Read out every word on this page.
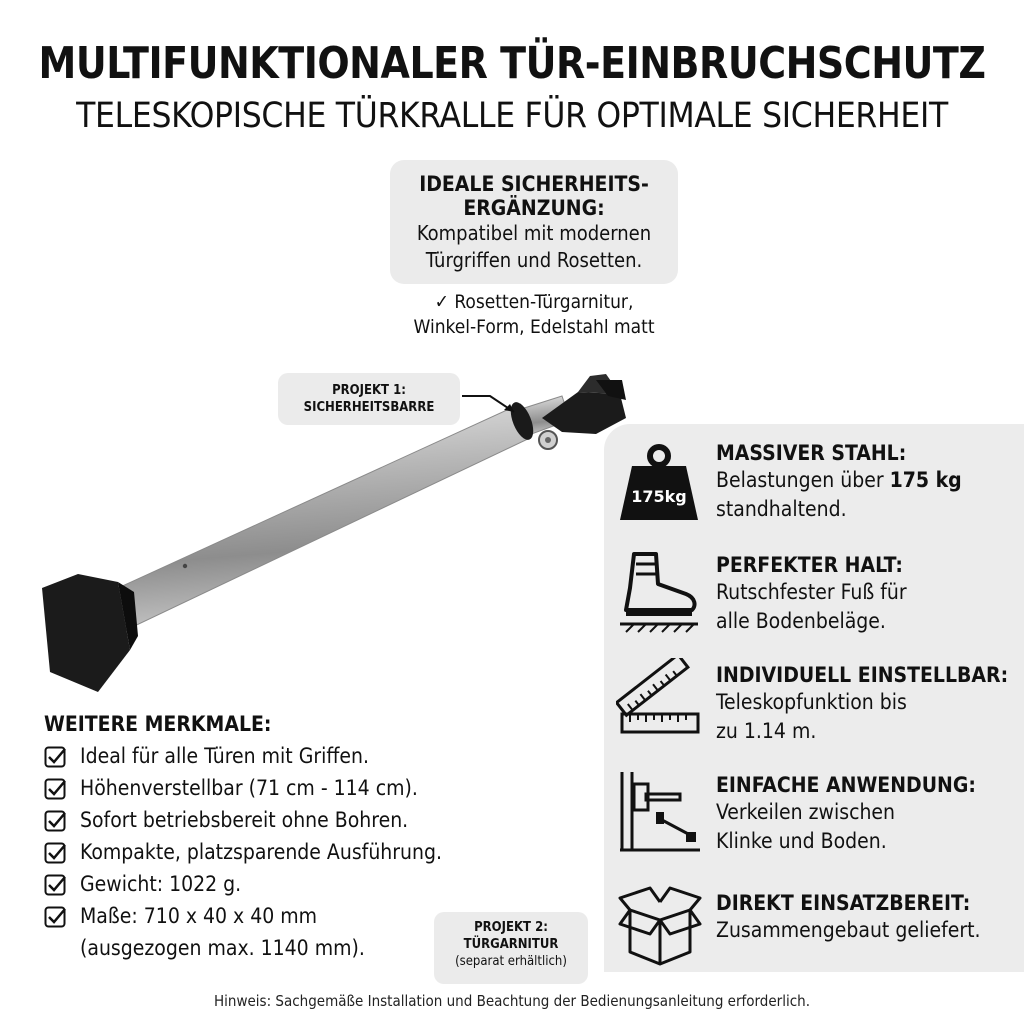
MULTIFUNKTIONALER TÜR-EINBRUCHSCHUTZ
TELESKOPISCHE TÜRKRALLE FÜR OPTIMALE SICHERHEIT
IDEALE SICHERHEITS-
ERGÄNZUNG:
Kompatibel mit modernen
Türgriffen und Rosetten.
✓ Rosetten-Türgarnitur,
Winkel-Form, Edelstahl matt
PROJEKT 1:
SICHERHEITSBARRE
175kg
MASSIVER STAHL:
Belastungen über 175 kg
standhaltend.
PERFEKTER HALT:
Rutschfester Fuß für
alle Bodenbeläge.
INDIVIDUELL EINSTELLBAR:
Teleskopfunktion bis
zu 1.14 m.
EINFACHE ANWENDUNG:
Verkeilen zwischen
Klinke und Boden.
DIREKT EINSATZBEREIT:
Zusammengebaut geliefert.
WEITERE MERKMALE:
Ideal für alle Türen mit Griffen.
Höhenverstellbar (71 cm - 114 cm).
Sofort betriebsbereit ohne Bohren.
Kompakte, platzsparende Ausführung.
Gewicht: 1022 g.
Maße: 710 x 40 x 40 mm
(ausgezogen max. 1140 mm).
PROJEKT 2:
TÜRGARNITUR
(separat erhältlich)
Hinweis: Sachgemäße Installation und Beachtung der Bedienungsanleitung erforderlich.
